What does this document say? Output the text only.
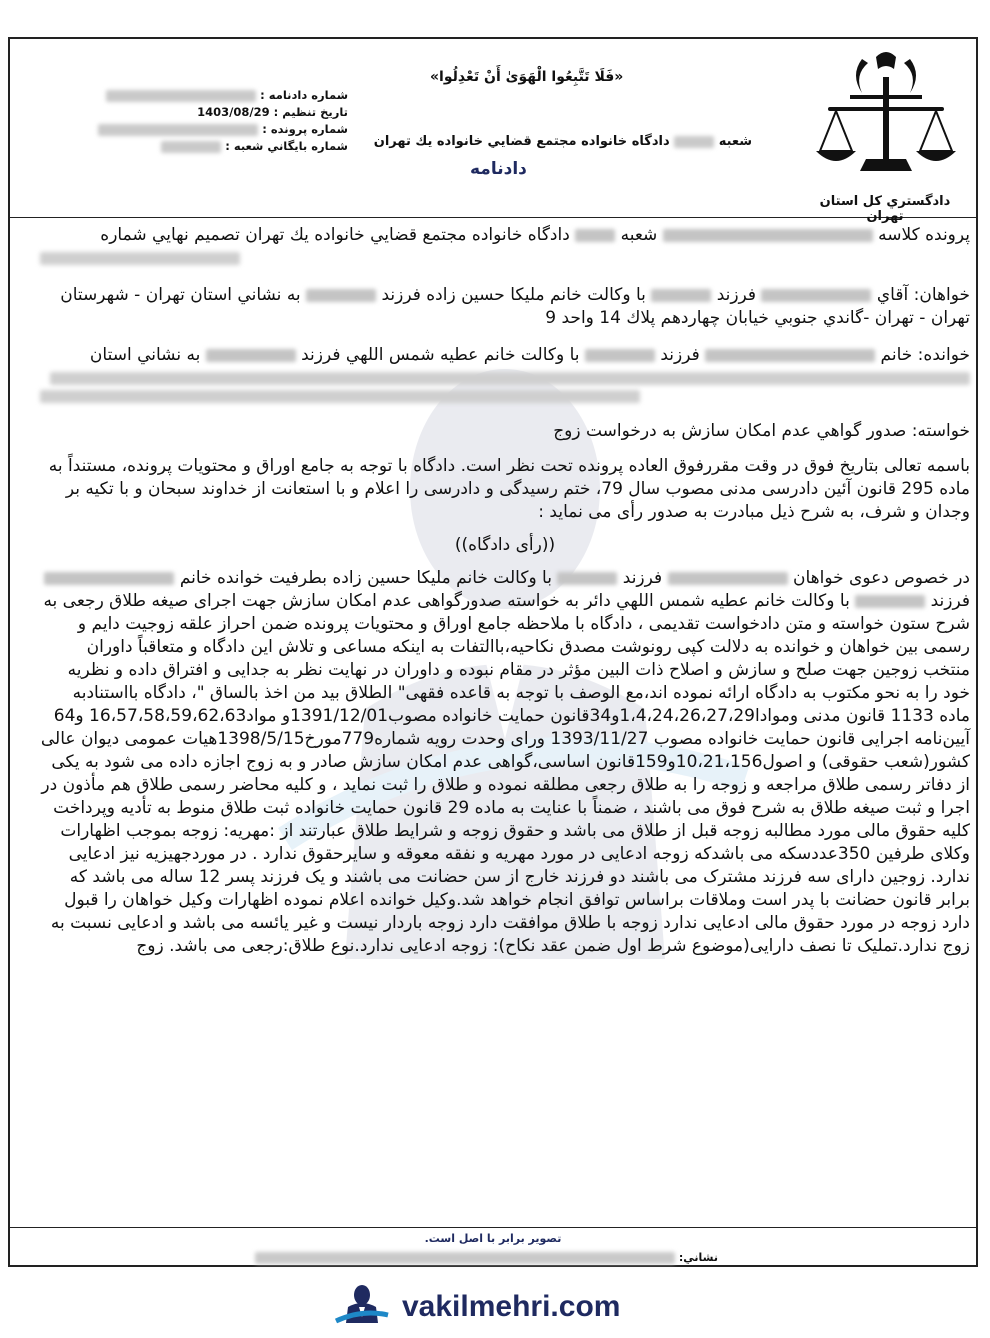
دادگستري کل استان تهران
«فَلَا تَتَّبِعُوا الْهَوَىٰ أَنْ تَعْدِلُوا»
شعبه  دادگاه خانواده مجتمع قضايي خانواده يك تهران
دادنامه
شماره دادنامه :
تاريخ تنظيم : 1403/08/29
شماره پرونده :
شماره بايگاني شعبه :

پرونده كلاسه  شعبه  دادگاه خانواده مجتمع قضايي خانواده يك تهران تصميم نهايي شماره

خواهان: آقاي  فرزند  با وكالت خانم مليكا حسين زاده فرزند  به نشاني استان تهران - شهرستان تهران - تهران -گاندي جنوبي خيابان چهاردهم پلاك 14 واحد 9

خوانده: خانم  فرزند  با وكالت خانم عطيه شمس اللهي فرزند  به نشاني استان

خواسته: صدور گواهي عدم امكان سازش به درخواست زوج

باسمه تعالی بتاریخ فوق در وقت مقررفوق العاده پرونده تحت نظر است. دادگاه با توجه به جامع اوراق و محتویات پرونده، مستنداً به ماده 295 قانون آئین دادرسی مدنی مصوب سال 79، ختم رسیدگی و دادرسی را اعلام و با استعانت از خداوند سبحان و با تکیه بر وجدان و شرف، به شرح ذیل مبادرت به صدور رأی می نماید :

((رأی دادگاه))

در خصوص دعوی خواهان  فرزند  با وکالت خانم ملیکا حسین زاده بطرفیت خوانده خانم  فرزند  با وکالت خانم عطیه شمس اللهي دائر به خواسته صدورگواهی عدم امکان سازش جهت اجرای صیغه طلاق رجعی به شرح ستون خواسته و متن دادخواست تقدیمی ، دادگاه با ملاحظه جامع اوراق و محتویات پرونده ضمن احراز علقه زوجیت دایم و رسمی بین خواهان و خوانده به دلالت کپی رونوشت مصدق نکاحیه،باالتفات به اینکه مساعی و تلاش این دادگاه و متعاقباً داوران منتخب زوجین جهت صلح و سازش و اصلاح ذات البین مؤثر در مقام نبوده و داوران در نهایت نظر به جدایی و افتراق داده و نظریه خود را به نحو مکتوب به دادگاه ارائه نموده اند،مع الوصف با توجه به قاعده فقهی" الطلاق بید من اخذ بالساق "، دادگاه بااستنادبه ماده 1133 قانون مدنی وموادا1،4،24،26،27،29و34قانون حمایت خانواده مصوب1391/12/01و مواد16،57،58،59،62،63 و64 آیین‌نامه اجرایی قانون حمایت خانواده مصوب 1393/11/27 ورای وحدت رویه شماره779مورخ1398/5/15هیات عمومی دیوان عالی کشور(شعب حقوقی) و اصول10،21،156و159قانون اساسی،گواهی عدم امکان سازش صادر و به زوج اجازه داده می شود به یکی از دفاتر رسمی طلاق مراجعه و زوجه را به طلاق رجعی مطلقه نموده و طلاق را ثبت نماید ، و کلیه محاضر رسمی طلاق هم مأذون در اجرا و ثبت صیغه طلاق به شرح فوق می باشند ، ضمناً با عنایت به ماده 29 قانون حمایت خانواده ثبت طلاق منوط به تأدیه وپرداخت کلیه حقوق مالی مورد مطالبه زوجه قبل از طلاق می باشد و حقوق زوجه و شرایط طلاق عبارتند از :مهریه: زوجه بموجب اظهارات وکلای طرفین 350عددسکه می باشدکه زوجه ادعایی در مورد مهریه و نفقه معوقه و سایرحقوق ندارد . در موردجهیزیه نیز ادعایی ندارد. زوجین دارای سه فرزند مشترک می باشند دو فرزند خارج از سن حضانت می باشند و یک فرزند پسر 12 ساله می باشد که برابر قانون حضانت با پدر است وملاقات براساس توافق انجام خواهد شد.وکیل خوانده اعلام نموده اظهارات وکیل خواهان را قبول دارد زوجه در مورد حقوق مالی ادعایی ندارد زوجه با طلاق موافقت دارد زوجه باردار نیست و غیر یائسه می باشد و ادعایی نسبت به زوج ندارد.تملیک تا نصف دارایی(موضوع شرط اول ضمن عقد نکاح): زوجه ادعایی ندارد.نوع طلاق:رجعی می باشد. زوج

تصوير برابر با اصل است.
نشاني:
vakilmehri.com
